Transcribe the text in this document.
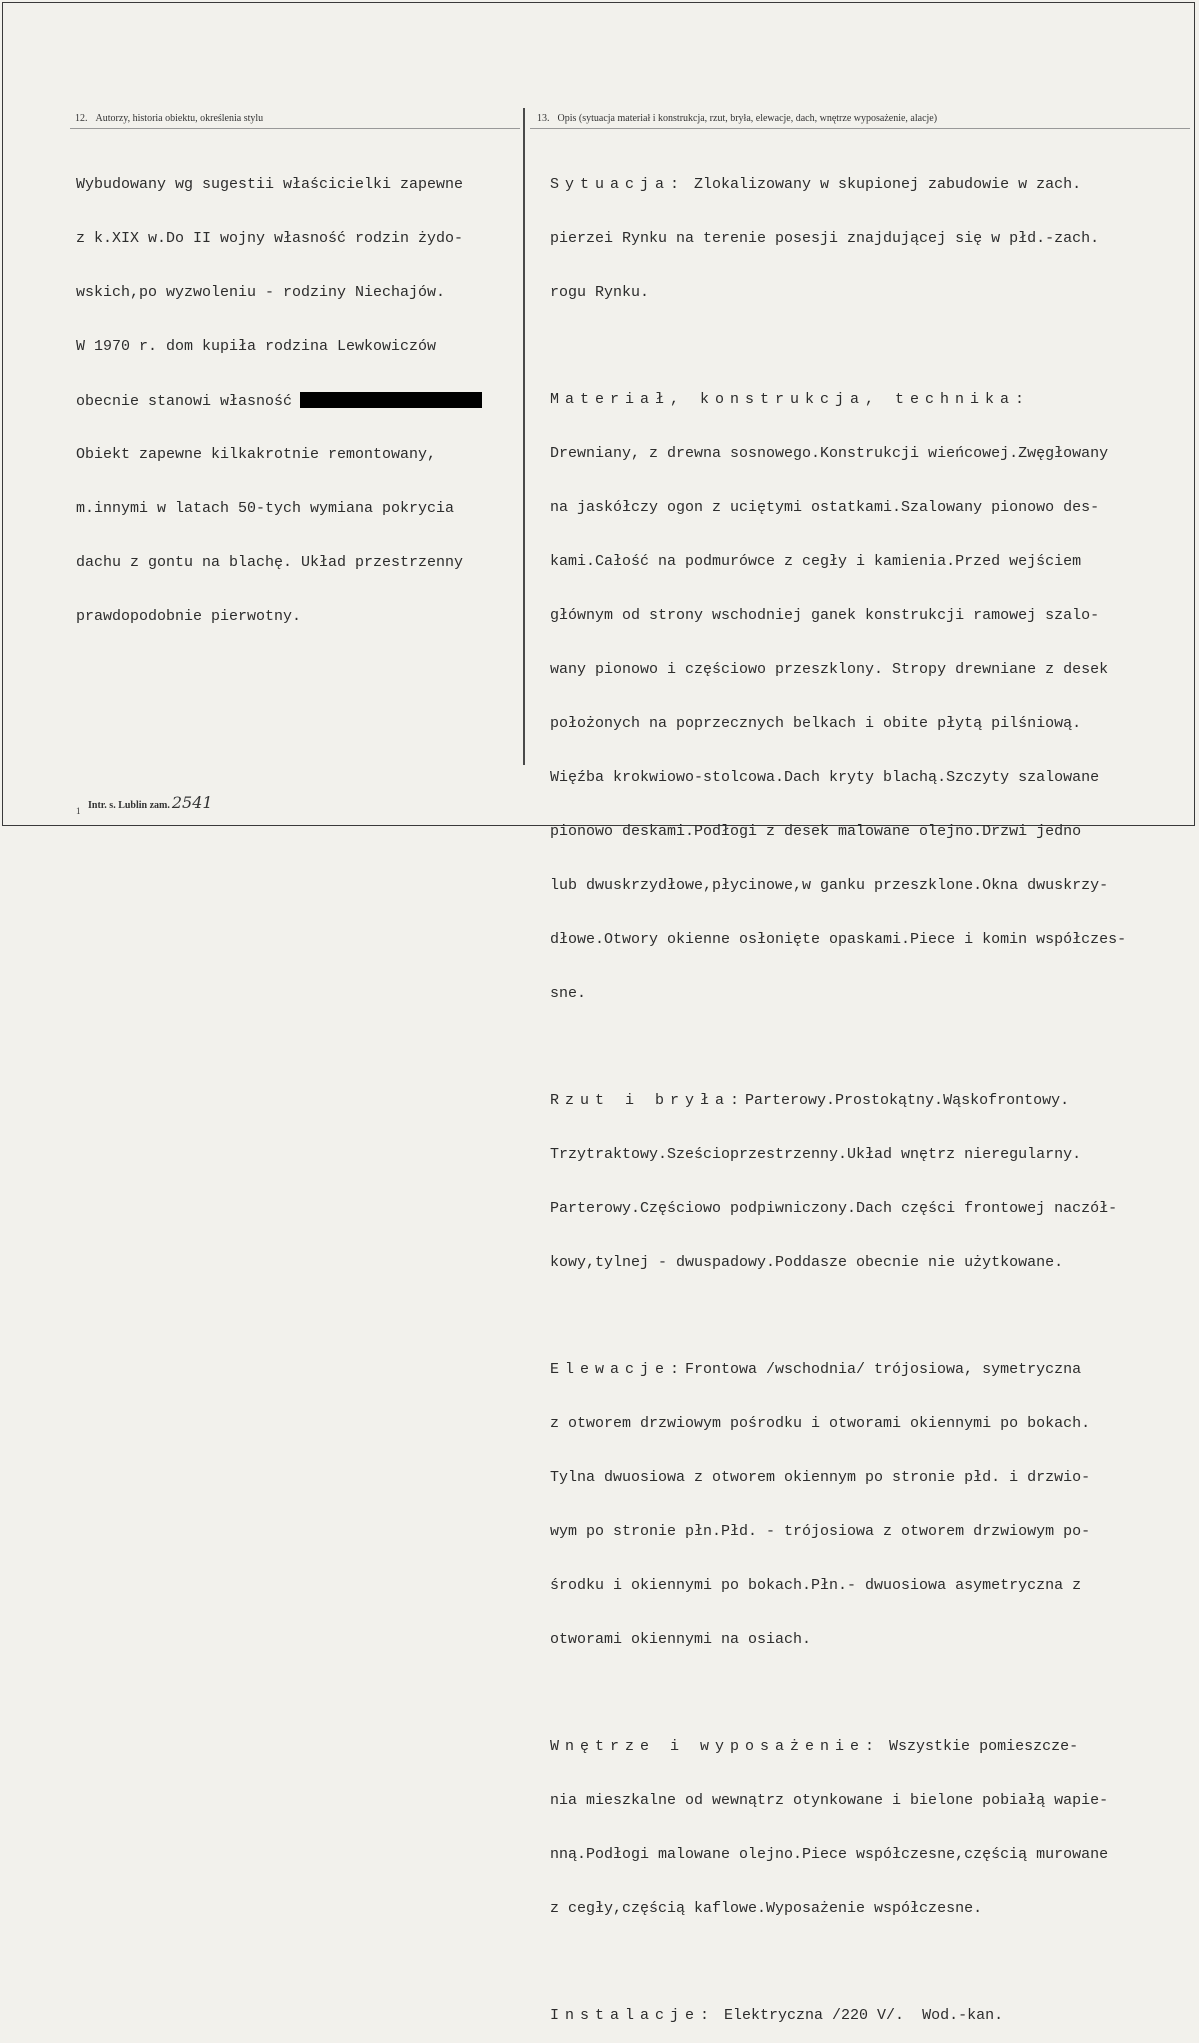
12. Autorzy, historia obiektu, określenia stylu	13. Opis (sytuacja materiał i konstrukcja, rzut, bryła, elewacje, dach, wnętrze wyposażenie, alacje)

Wybudowany wg sugestii właścicielki zapewne

z k.XIX w.Do II wojny własność rodzin żydo-

wskich,po wyzwoleniu - rodziny Niechajów.

W 1970 r. dom kupiła rodzina Lewkowiczów

obecnie stanowi własność

Obiekt zapewne kilkakrotnie remontowany,

m.innymi w latach 50-tych wymiana pokrycia

dachu z gontu na blachę. Układ przestrzenny

prawdopodobnie pierwotny.

Sytuacja: Zlokalizowany w skupionej zabudowie w zach.

pierzei Rynku na terenie posesji znajdującej się w płd.-zach.

rogu Rynku.

Materiał, konstrukcja, technika:

Drewniany, z drewna sosnowego.Konstrukcji wieńcowej.Zwęgłowany

na jaskółczy ogon z uciętymi ostatkami.Szalowany pionowo des-

kami.Całość na podmurówce z cegły i kamienia.Przed wejściem

głównym od strony wschodniej ganek konstrukcji ramowej szalo-

wany pionowo i częściowo przeszklony. Stropy drewniane z desek

położonych na poprzecznych belkach i obite płytą pilśniową.

Więźba krokwiowo-stolcowa.Dach kryty blachą.Szczyty szalowane

pionowo deskami.Podłogi z desek malowane olejno.Drzwi jedno

lub dwuskrzydłowe,płycinowe,w ganku przeszklone.Okna dwuskrzy-

dłowe.Otwory okienne osłonięte opaskami.Piece i komin współczes-

sne.

Rzut i bryła:Parterowy.Prostokątny.Wąskofrontowy.

Trzytraktowy.Sześcioprzestrzenny.Układ wnętrz nieregularny.

Parterowy.Częściowo podpiwniczony.Dach części frontowej naczół-

kowy,tylnej - dwuspadowy.Poddasze obecnie nie użytkowane.

Elewacje:Frontowa /wschodnia/ trójosiowa, symetryczna

z otworem drzwiowym pośrodku i otworami okiennymi po bokach.

Tylna dwuosiowa z otworem okiennym po stronie płd. i drzwio-

wym po stronie płn.Płd. - trójosiowa z otworem drzwiowym po-

środku i okiennymi po bokach.Płn.- dwuosiowa asymetryczna z

otworami okiennymi na osiach.

Wnętrze i wyposażenie: Wszystkie pomieszcze-

nia mieszkalne od wewnątrz otynkowane i bielone pobiałą wapie-

nną.Podłogi malowane olejno.Piece współczesne,częścią murowane

z cegły,częścią kaflowe.Wyposażenie współczesne.

Instalacje: Elektryczna /220 V/.  Wod.-kan.

Intr. s. Lublin zam. 2541
1
